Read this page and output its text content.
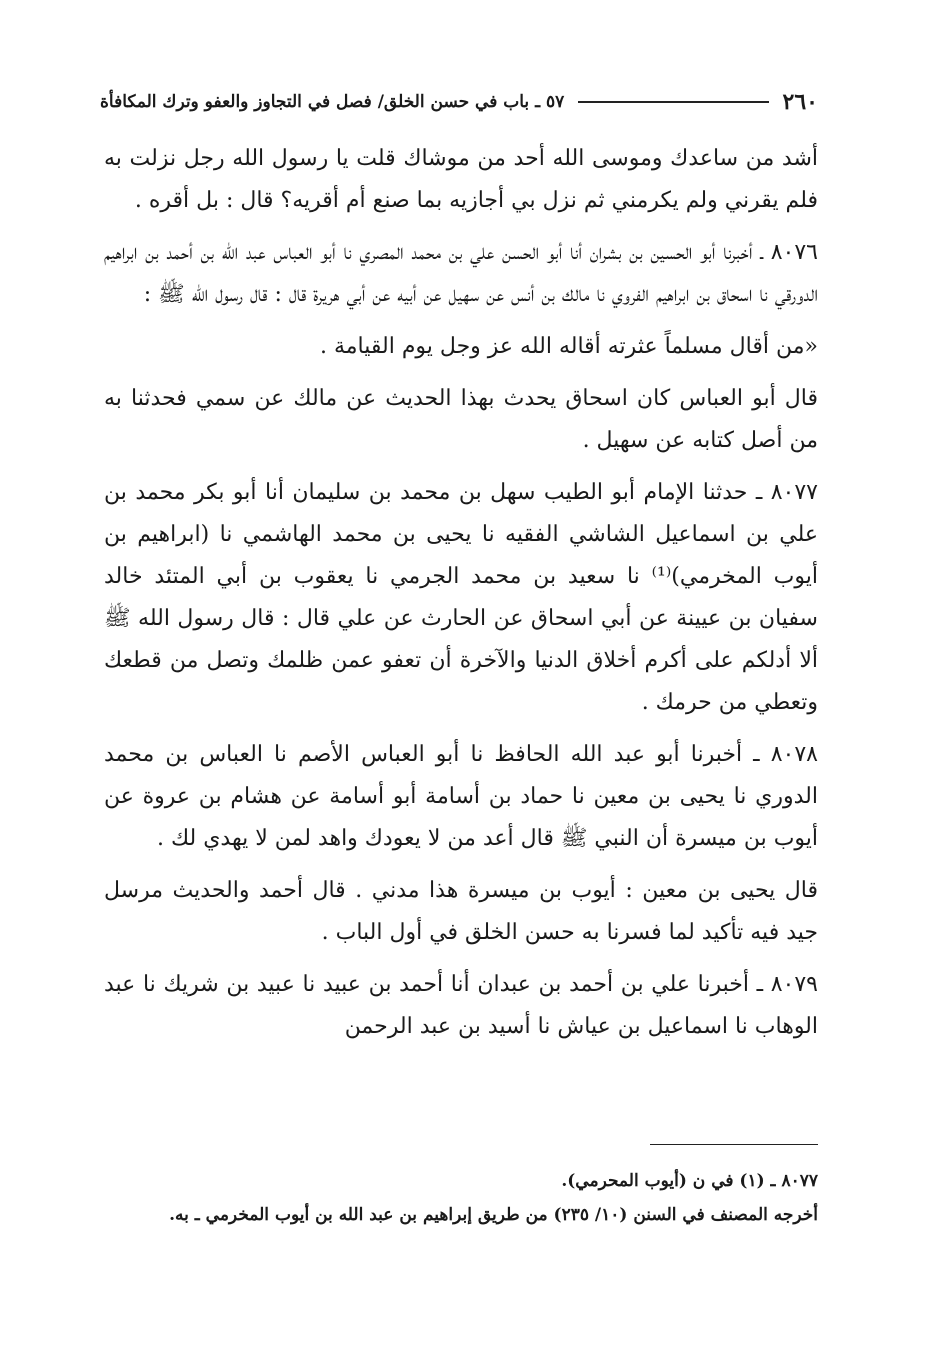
٢٦٠
٥٧ ـ باب في حسن الخلق/ فصل في التجاوز والعفو وترك المكافأة

أشد من ساعدك وموسى الله أحد من موشاك قلت يا رسول الله رجل نزلت به فلم يقرني ولم يكرمني ثم نزل بي أجازيه بما صنع أم أقريه؟ قال : بل أقره .

٨٠٧٦ ـ أخبرنا أبو الحسين بن بشران أنا أبو الحسن علي بن محمد المصري نا أبو العباس عبد الله بن أحمد بن ابراهيم الدورقي نا اسحاق بن ابراهيم الفروي نا مالك بن أنس عن سهيل عن أبيه عن أبي هريرة قال : قال رسول الله ﷺ :

«من أقال مسلماً عثرته أقاله الله عز وجل يوم القيامة .

قال أبو العباس كان اسحاق يحدث بهذا الحديث عن مالك عن سمي فحدثنا به من أصل كتابه عن سهيل .

٨٠٧٧ ـ حدثنا الإمام أبو الطيب سهل بن محمد بن سليمان أنا أبو بكر محمد بن علي بن اسماعيل الشاشي الفقيه نا يحيى بن محمد الهاشمي نا (ابراهيم بن أيوب المخرمي)⁽¹⁾ نا سعيد بن محمد الجرمي نا يعقوب بن أبي المتئد خالد سفيان بن عيينة عن أبي اسحاق عن الحارث عن علي قال : قال رسول الله ﷺ ألا أدلكم على أكرم أخلاق الدنيا والآخرة أن تعفو عمن ظلمك وتصل من قطعك وتعطي من حرمك .

٨٠٧٨ ـ أخبرنا أبو عبد الله الحافظ نا أبو العباس الأصم نا العباس بن محمد الدوري نا يحيى بن معين نا حماد بن أسامة أبو أسامة عن هشام بن عروة عن أيوب بن ميسرة أن النبي ﷺ قال أعد من لا يعودك واهد لمن لا يهدي لك .

قال يحيى بن معين : أيوب بن ميسرة هذا مدني . قال أحمد والحديث مرسل جيد فيه تأكيد لما فسرنا به حسن الخلق في أول الباب .

٨٠٧٩ ـ أخبرنا علي بن أحمد بن عبدان أنا أحمد بن عبيد نا عبيد بن شريك نا عبد الوهاب نا اسماعيل بن عياش نا أسيد بن عبد الرحمن

٨٠٧٧ ـ (١) في ن (أيوب المحرمي).

أخرجه المصنف في السنن (١٠/ ٢٣٥) من طريق إبراهيم بن عبد الله بن أيوب المخرمي ـ به.
